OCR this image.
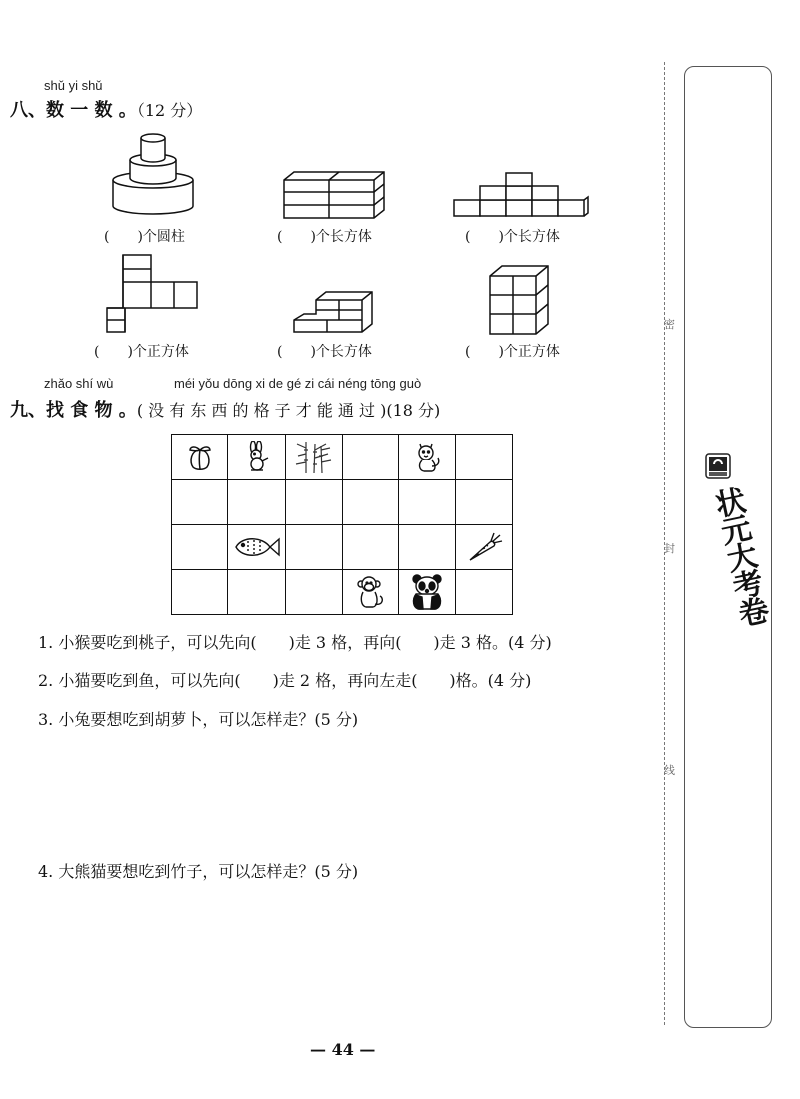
shǔ yi shǔ
八、数 一 数 。（12 分）
(　　)个圆柱	(　　)个长方体	(　　)个长方体
(　　)个正方体	(　　)个长方体	(　　)个正方体
zhǎo shí wù	méi yǒu dōng xi de gé zi cái néng tōng guò
九、找 食 物 。( 没 有 东 西 的 格 子 才 能 通 过 )(18 分)

1. 小猴要吃到桃子，可以先向(　　)走 3 格，再向(　　)走 3 格。(4 分)
2. 小猫要吃到鱼，可以先向(　　)走 2 格，再向左走(　　)格。(4 分)
3. 小兔要想吃到胡萝卜，可以怎样走？(5 分)
4. 大熊猫要想吃到竹子，可以怎样走？(5 分)
— 44 —
密
封
线
状元大考卷
